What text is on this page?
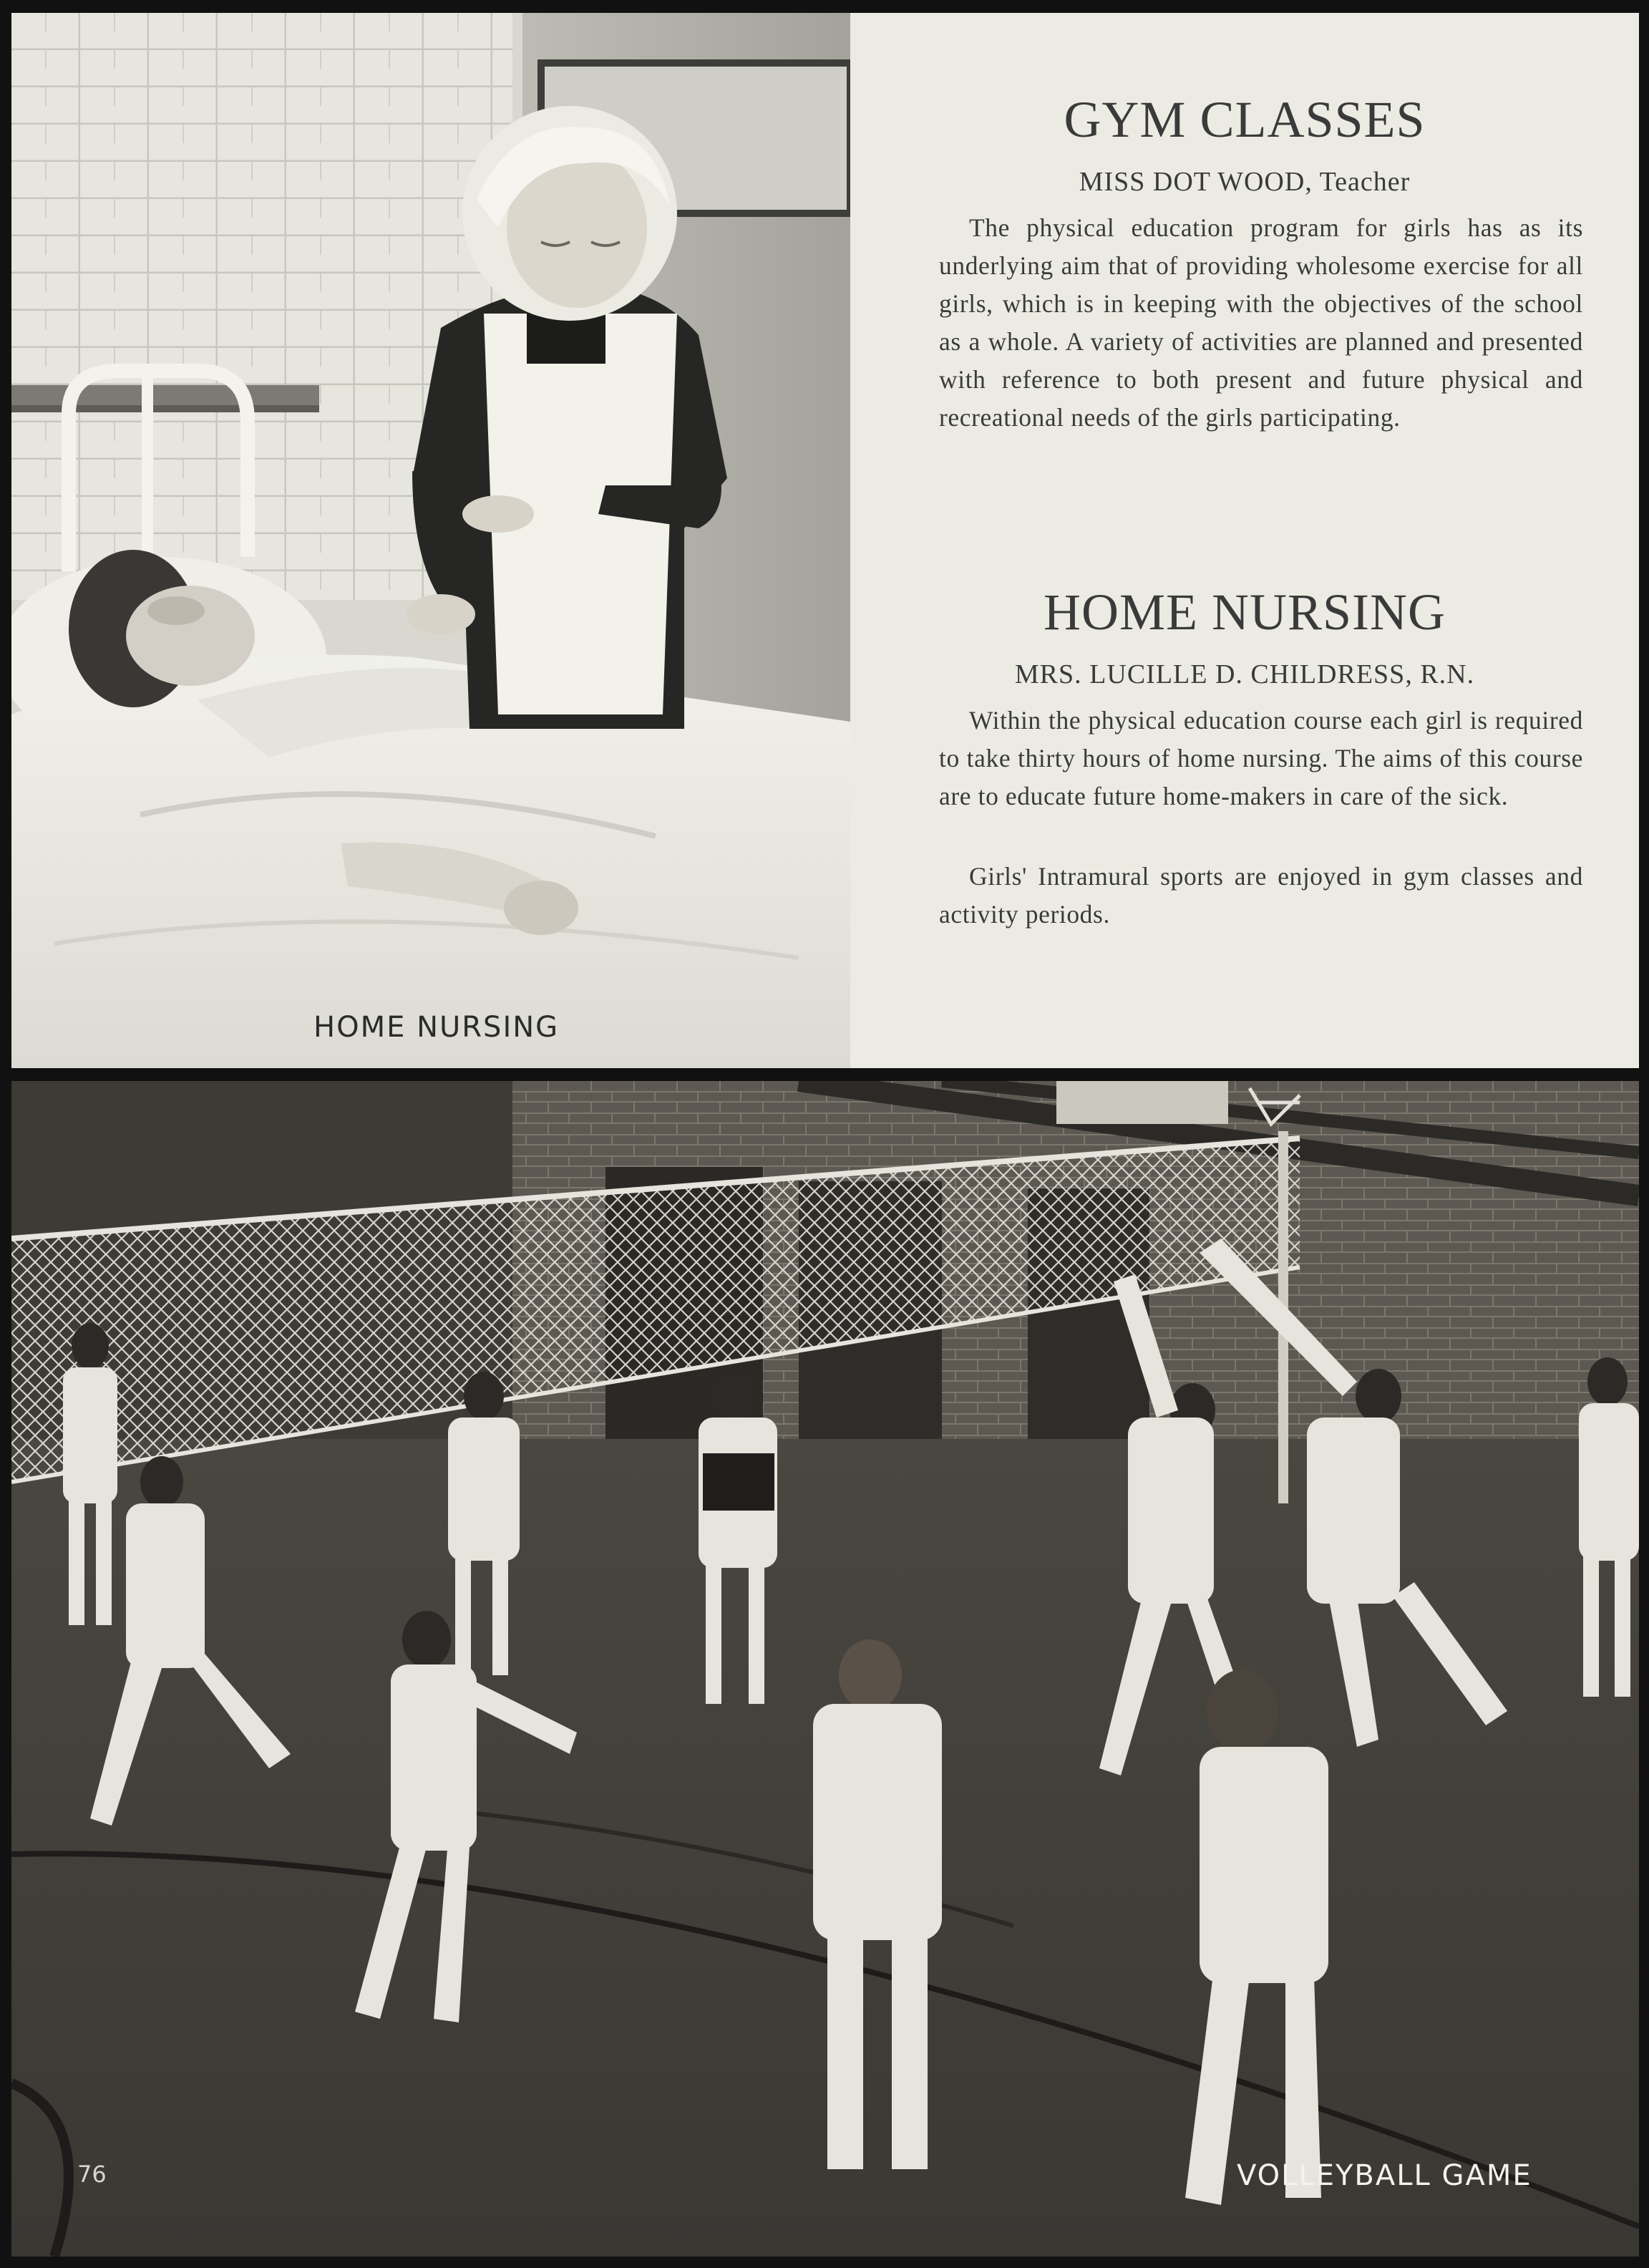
HOME NURSING
GYM CLASSES

MISS DOT WOOD, Teacher

The physical education program for girls has as its underlying aim that of providing wholesome exercise for all girls, which is in keeping with the objectives of the school as a whole. A variety of activities are planned and presented with reference to both present and future physical and recreational needs of the girls participating.

HOME NURSING

MRS. LUCILLE D. CHILDRESS, R.N.

Within the physical education course each girl is required to take thirty hours of home nursing. The aims of this course are to educate future home-makers in care of the sick.

Girls' Intramural sports are enjoyed in gym classes and activity periods.

76	VOLLEYBALL GAME
